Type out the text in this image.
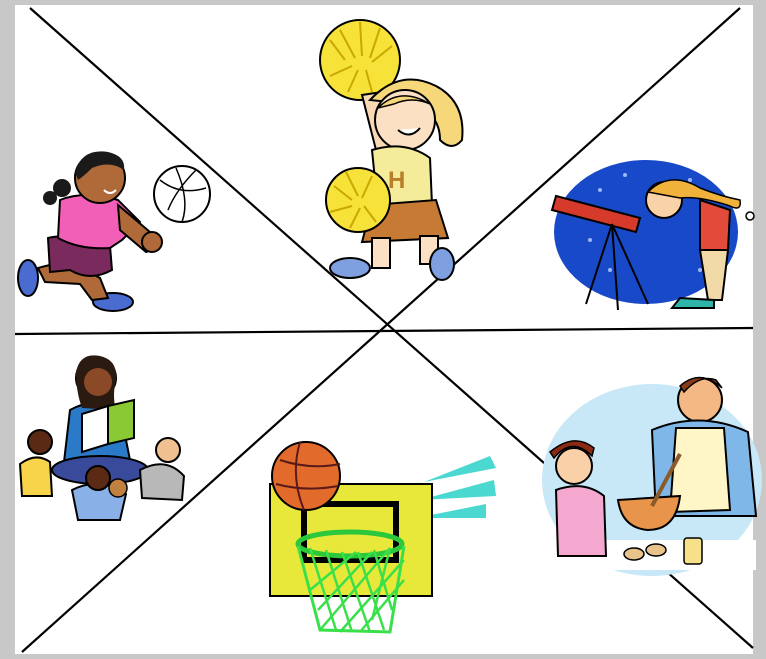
H
